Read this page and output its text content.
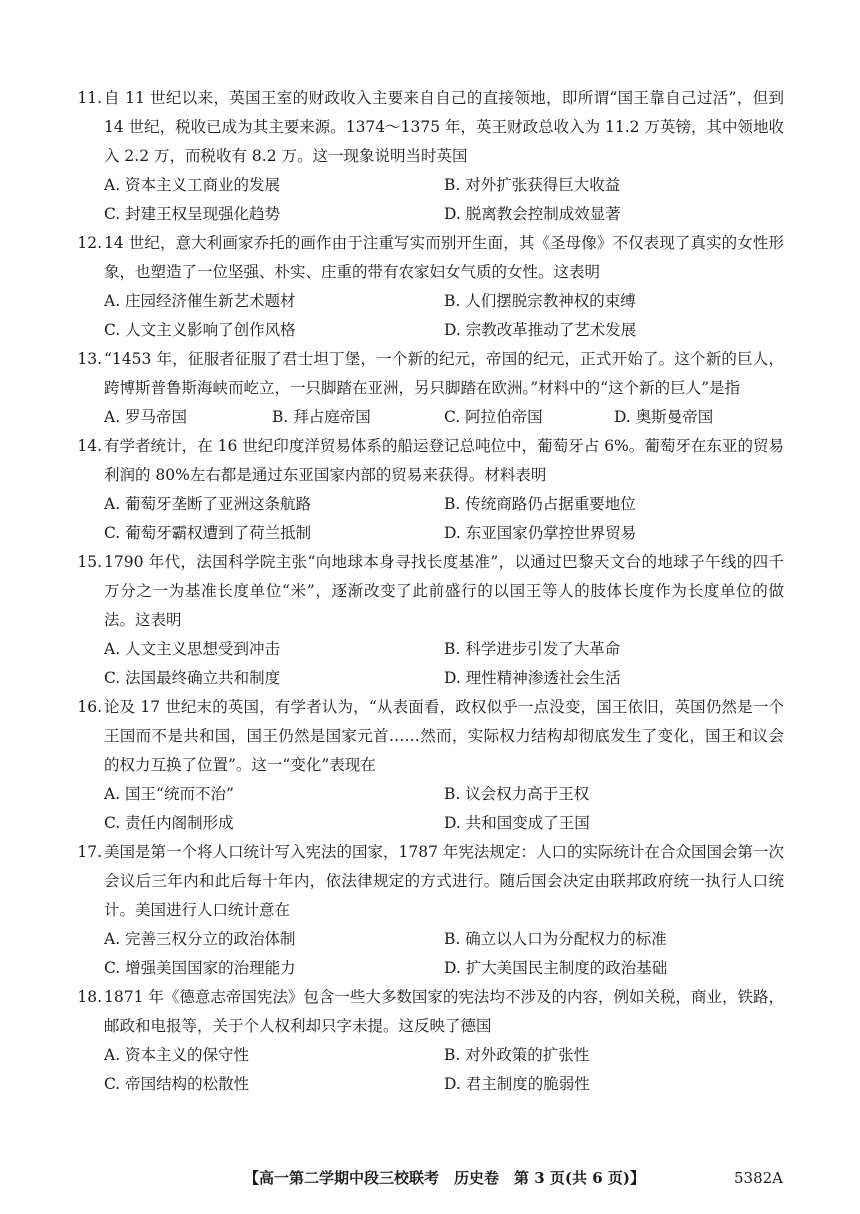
11. 自 11 世纪以来，英国王室的财政收入主要来自自己的直接领地，即所谓“国王靠自己过活”，但到 14 世纪，税收已成为其主要来源。1374～1375 年，英王财政总收入为 11.2 万英镑，其中领地收入 2.2 万，而税收有 8.2 万。这一现象说明当时英国

A. 资本主义工商业的发展	B. 对外扩张获得巨大收益
C. 封建王权呈现强化趋势	D. 脱离教会控制成效显著

12. 14 世纪，意大利画家乔托的画作由于注重写实而别开生面，其《圣母像》不仅表现了真实的女性形象，也塑造了一位坚强、朴实、庄重的带有农家妇女气质的女性。这表明

A. 庄园经济催生新艺术题材	B. 人们摆脱宗教神权的束缚
C. 人文主义影响了创作风格	D. 宗教改革推动了艺术发展

13. “1453 年，征服者征服了君士坦丁堡，一个新的纪元，帝国的纪元，正式开始了。这个新的巨人，跨博斯普鲁斯海峡而屹立，一只脚踏在亚洲，另只脚踏在欧洲。”材料中的“这个新的巨人”是指

A. 罗马帝国	B. 拜占庭帝国	C. 阿拉伯帝国	D. 奥斯曼帝国

14. 有学者统计，在 16 世纪印度洋贸易体系的船运登记总吨位中，葡萄牙占 6%。葡萄牙在东亚的贸易利润的 80%左右都是通过东亚国家内部的贸易来获得。材料表明

A. 葡萄牙垄断了亚洲这条航路	B. 传统商路仍占据重要地位
C. 葡萄牙霸权遭到了荷兰抵制	D. 东亚国家仍掌控世界贸易

15. 1790 年代，法国科学院主张“向地球本身寻找长度基准”，以通过巴黎天文台的地球子午线的四千万分之一为基准长度单位“米”，逐渐改变了此前盛行的以国王等人的肢体长度作为长度单位的做法。这表明

A. 人文主义思想受到冲击	B. 科学进步引发了大革命
C. 法国最终确立共和制度	D. 理性精神渗透社会生活

16. 论及 17 世纪末的英国，有学者认为，“从表面看，政权似乎一点没变，国王依旧，英国仍然是一个王国而不是共和国，国王仍然是国家元首……然而，实际权力结构却彻底发生了变化，国王和议会的权力互换了位置”。这一“变化”表现在

A. 国王“统而不治”	B. 议会权力高于王权
C. 责任内阁制形成	D. 共和国变成了王国

17. 美国是第一个将人口统计写入宪法的国家，1787 年宪法规定：人口的实际统计在合众国国会第一次会议后三年内和此后每十年内，依法律规定的方式进行。随后国会决定由联邦政府统一执行人口统计。美国进行人口统计意在

A. 完善三权分立的政治体制	B. 确立以人口为分配权力的标准
C. 增强美国国家的治理能力	D. 扩大美国民主制度的政治基础

18. 1871 年《德意志帝国宪法》包含一些大多数国家的宪法均不涉及的内容，例如关税，商业，铁路，邮政和电报等，关于个人权利却只字未提。这反映了德国

A. 资本主义的保守性	B. 对外政策的扩张性
C. 帝国结构的松散性	D. 君主制度的脆弱性
【高一第二学期中段三校联考　历史卷　第 3 页(共 6 页)】	5382A
